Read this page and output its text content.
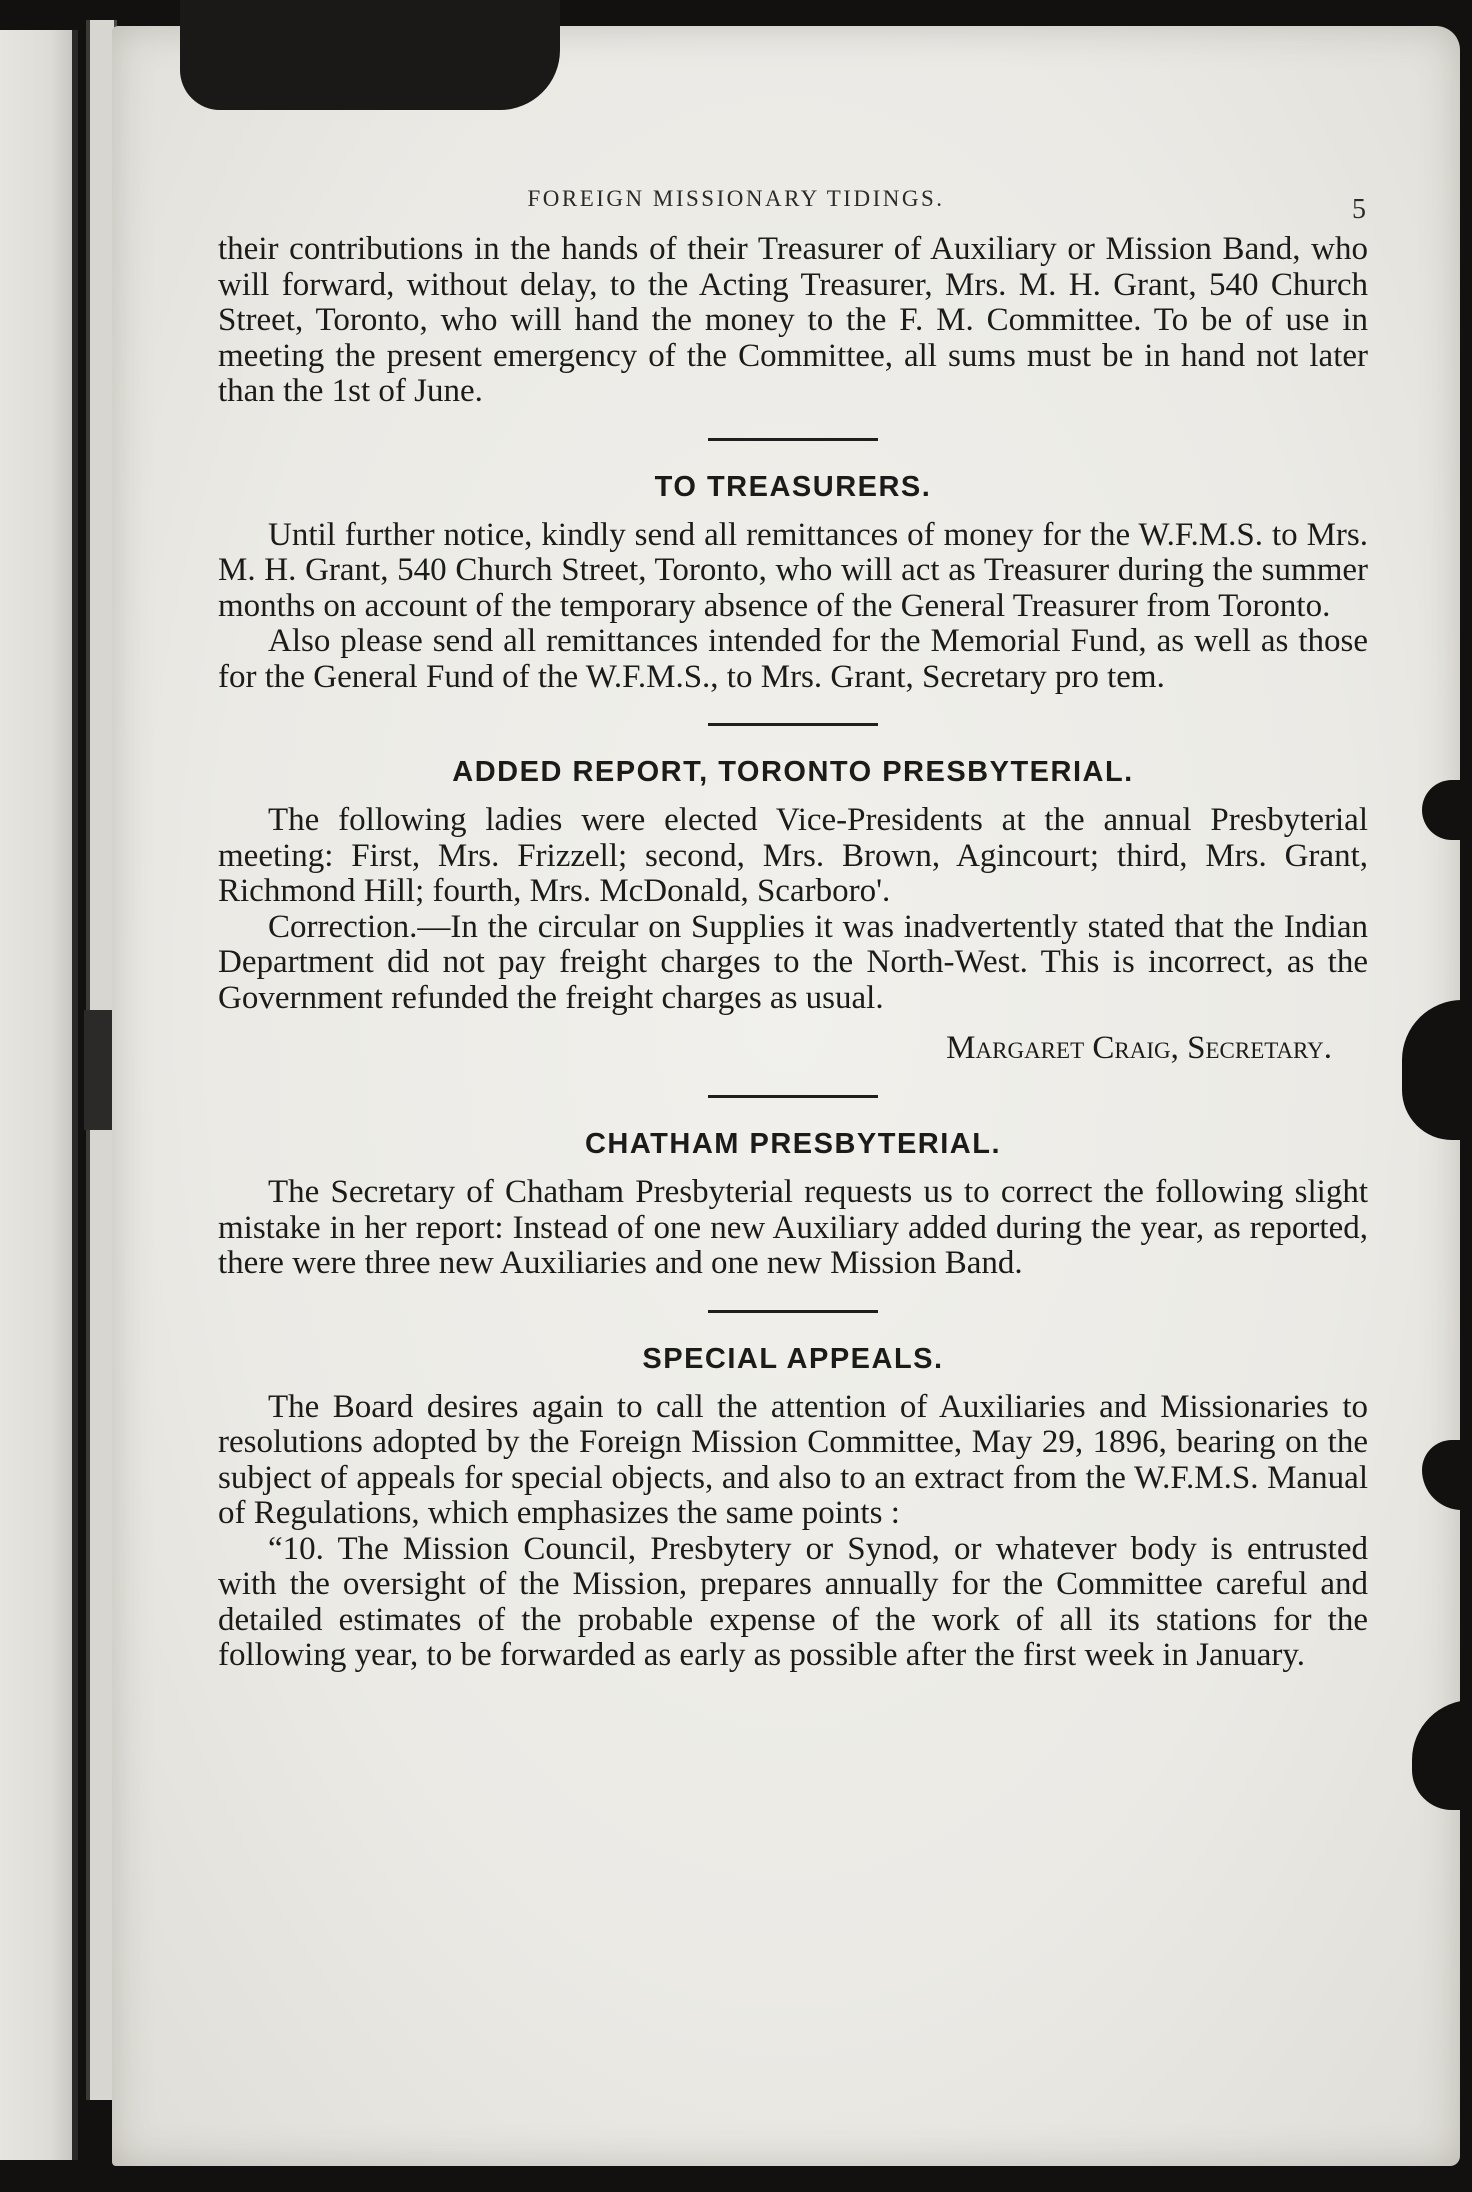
FOREIGN MISSIONARY TIDINGS.	5

their contributions in the hands of their Treasurer of Auxiliary or Mission Band, who will forward, without delay, to the Acting Treasurer, Mrs. M. H. Grant, 540 Church Street, Toronto, who will hand the money to the F. M. Committee. To be of use in meeting the present emergency of the Committee, all sums must be in hand not later than the 1st of June.

TO TREASURERS.

Until further notice, kindly send all remittances of money for the W.F.M.S. to Mrs. M. H. Grant, 540 Church Street, Toronto, who will act as Treasurer during the summer months on account of the temporary absence of the General Treasurer from Toronto.

Also please send all remittances intended for the Memorial Fund, as well as those for the General Fund of the W.F.M.S., to Mrs. Grant, Secretary pro tem.

ADDED REPORT, TORONTO PRESBYTERIAL.

The following ladies were elected Vice-Presidents at the annual Presbyterial meeting: First, Mrs. Frizzell; second, Mrs. Brown, Agincourt; third, Mrs. Grant, Richmond Hill; fourth, Mrs. McDonald, Scarboro'.

Correction.—In the circular on Supplies it was inadvertently stated that the Indian Department did not pay freight charges to the North-West. This is incorrect, as the Government refunded the freight charges as usual.

Margaret Craig, Secretary.
CHATHAM PRESBYTERIAL.

The Secretary of Chatham Presbyterial requests us to correct the following slight mistake in her report: Instead of one new Auxiliary added during the year, as reported, there were three new Auxiliaries and one new Mission Band.

SPECIAL APPEALS.

The Board desires again to call the attention of Auxiliaries and Missionaries to resolutions adopted by the Foreign Mission Committee, May 29, 1896, bearing on the subject of appeals for special objects, and also to an extract from the W.F.M.S. Manual of Regulations, which emphasizes the same points :

“10. The Mission Council, Presbytery or Synod, or whatever body is entrusted with the oversight of the Mission, prepares annually for the Committee careful and detailed estimates of the probable expense of the work of all its stations for the following year, to be forwarded as early as possible after the first week in January.
